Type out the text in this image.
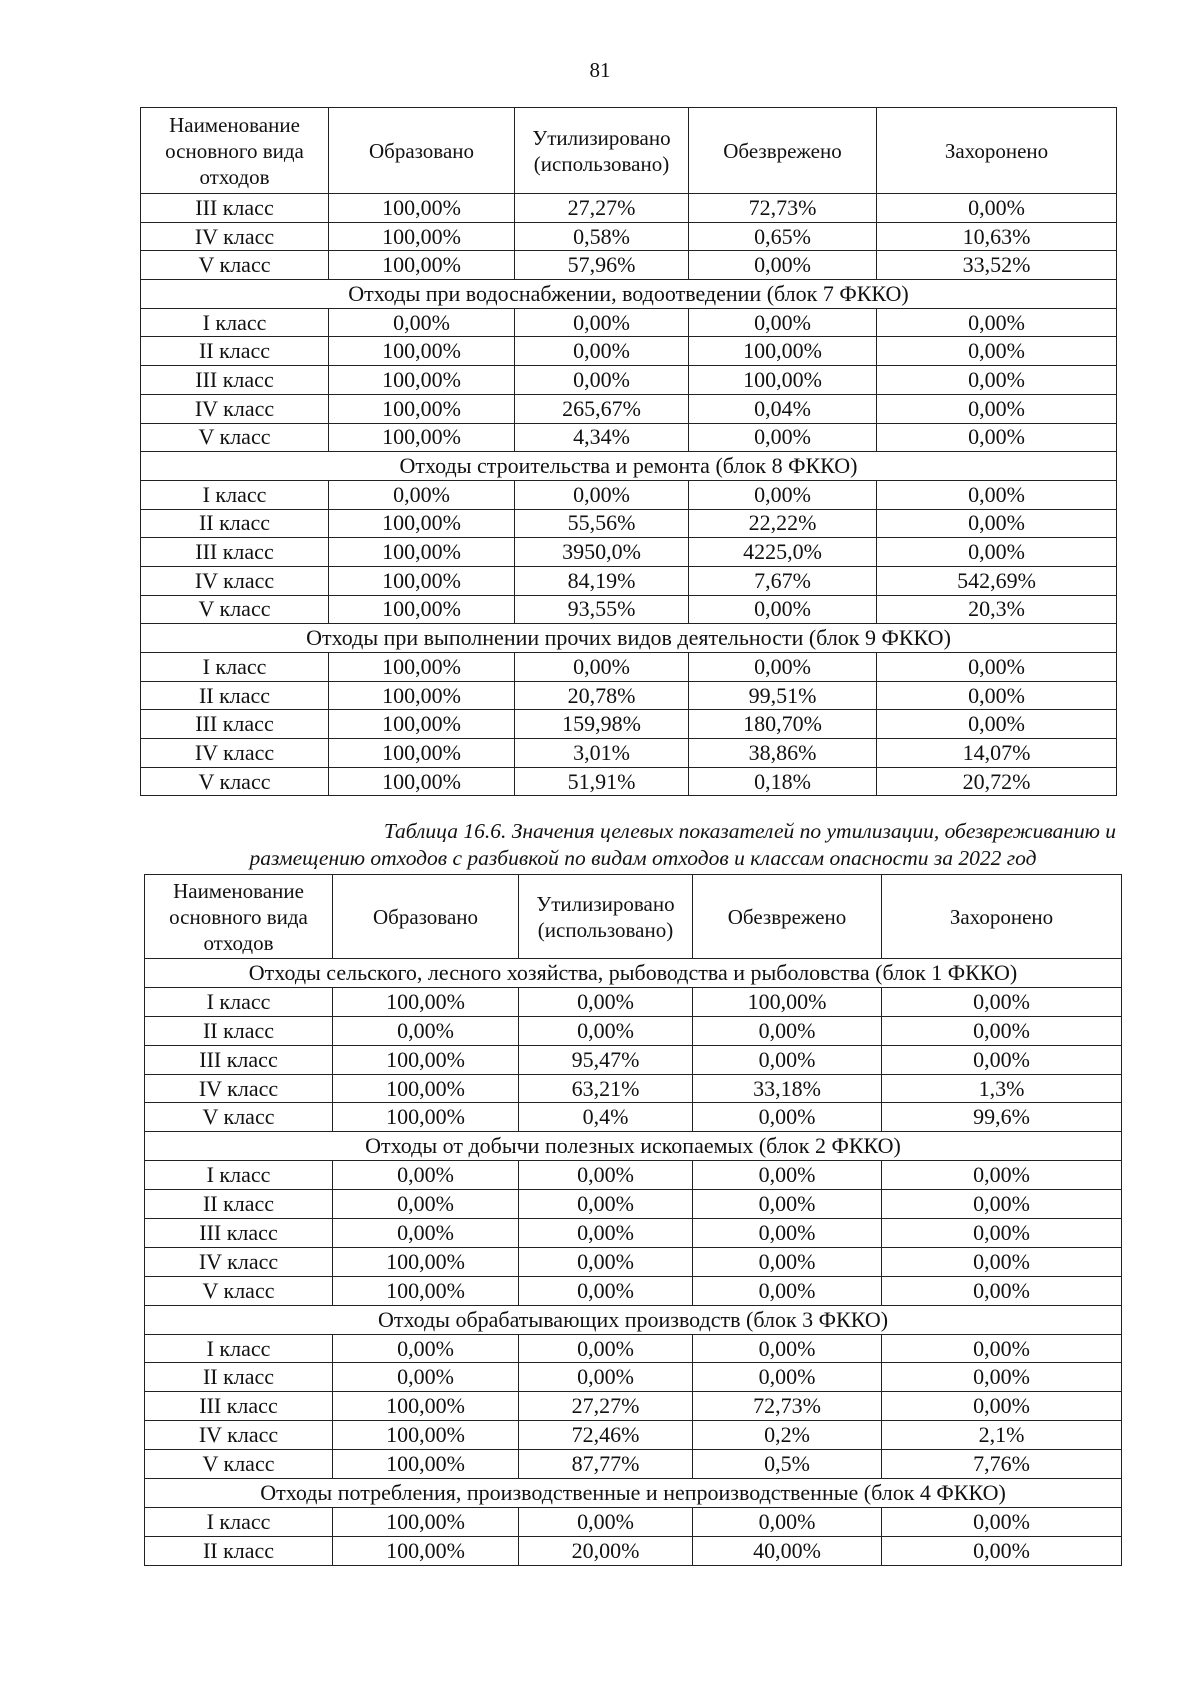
81
Наименование основного вида отходов	Образовано	Утилизировано (использовано)	Обезврежено	Захоронено
III класс	100,00%	27,27%	72,73%	0,00%
IV класс	100,00%	0,58%	0,65%	10,63%
V класс	100,00%	57,96%	0,00%	33,52%
Отходы при водоснабжении, водоотведении (блок 7 ФККО)				
I класс	0,00%	0,00%	0,00%	0,00%
II класс	100,00%	0,00%	100,00%	0,00%
III класс	100,00%	0,00%	100,00%	0,00%
IV класс	100,00%	265,67%	0,04%	0,00%
V класс	100,00%	4,34%	0,00%	0,00%
Отходы строительства и ремонта (блок 8 ФККО)				
I класс	0,00%	0,00%	0,00%	0,00%
II класс	100,00%	55,56%	22,22%	0,00%
III класс	100,00%	3950,0%	4225,0%	0,00%
IV класс	100,00%	84,19%	7,67%	542,69%
V класс	100,00%	93,55%	0,00%	20,3%
Отходы при выполнении прочих видов деятельности (блок 9 ФККО)				
I класс	100,00%	0,00%	0,00%	0,00%
II класс	100,00%	20,78%	99,51%	0,00%
III класс	100,00%	159,98%	180,70%	0,00%
IV класс	100,00%	3,01%	38,86%	14,07%
V класс	100,00%	51,91%	0,18%	20,72%
Таблица 16.6. Значения целевых показателей по утилизации, обезвреживанию и
размещению отходов с разбивкой по видам отходов и классам опасности за 2022 год
Наименование основного вида отходов	Образовано	Утилизировано (использовано)	Обезврежено	Захоронено
Отходы сельского, лесного хозяйства, рыбоводства и рыболовства (блок 1 ФККО)				
I класс	100,00%	0,00%	100,00%	0,00%
II класс	0,00%	0,00%	0,00%	0,00%
III класс	100,00%	95,47%	0,00%	0,00%
IV класс	100,00%	63,21%	33,18%	1,3%
V класс	100,00%	0,4%	0,00%	99,6%
Отходы от добычи полезных ископаемых (блок 2 ФККО)				
I класс	0,00%	0,00%	0,00%	0,00%
II класс	0,00%	0,00%	0,00%	0,00%
III класс	0,00%	0,00%	0,00%	0,00%
IV класс	100,00%	0,00%	0,00%	0,00%
V класс	100,00%	0,00%	0,00%	0,00%
Отходы обрабатывающих производств (блок 3 ФККО)				
I класс	0,00%	0,00%	0,00%	0,00%
II класс	0,00%	0,00%	0,00%	0,00%
III класс	100,00%	27,27%	72,73%	0,00%
IV класс	100,00%	72,46%	0,2%	2,1%
V класс	100,00%	87,77%	0,5%	7,76%
Отходы потребления, производственные и непроизводственные (блок 4 ФККО)				
I класс	100,00%	0,00%	0,00%	0,00%
II класс	100,00%	20,00%	40,00%	0,00%
